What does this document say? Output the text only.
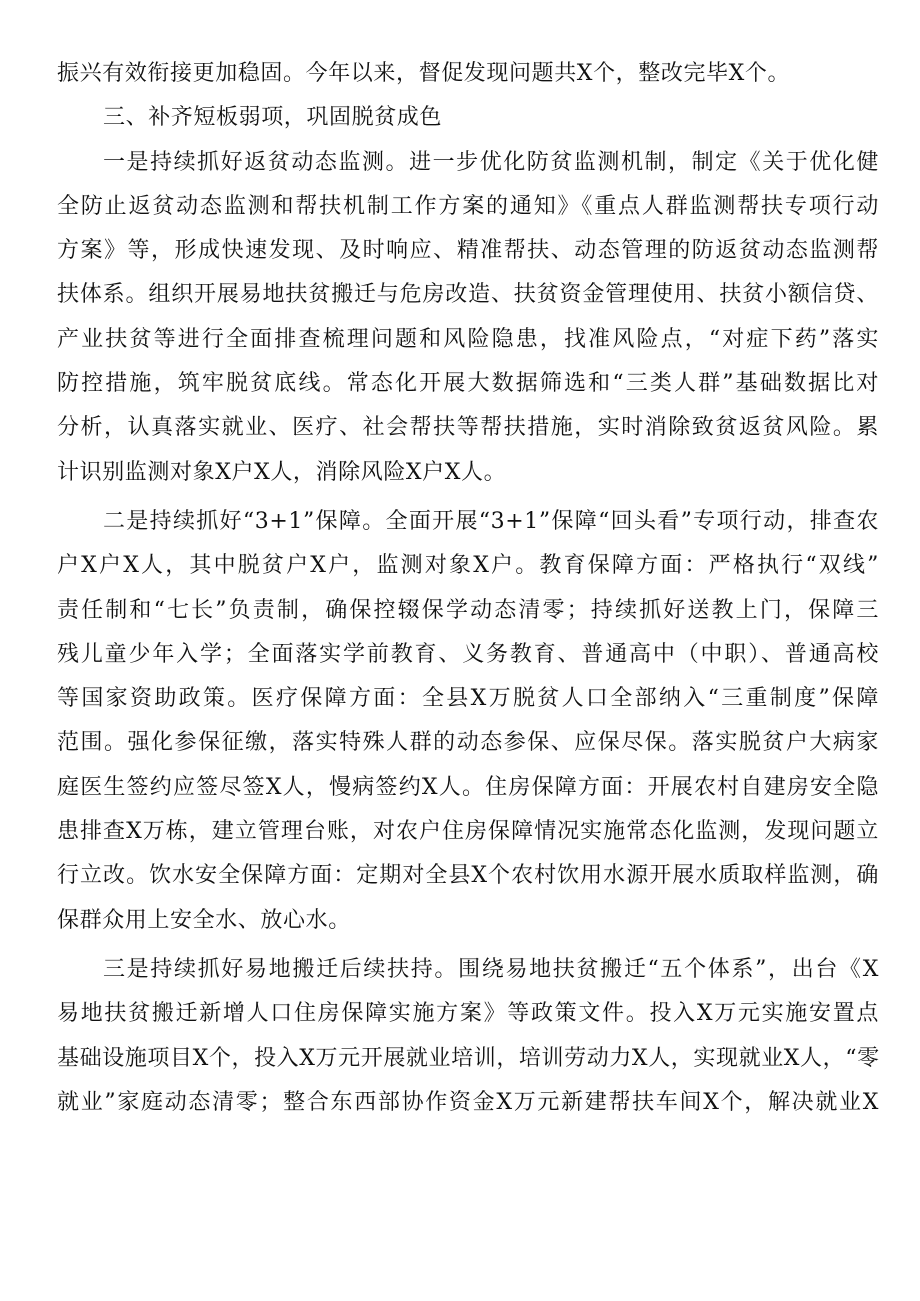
振兴有效衔接更加稳固。今年以来，督促发现问题共X个，整改完毕X个。
三、补齐短板弱项，巩固脱贫成色
一是持续抓好返贫动态监测。进一步优化防贫监测机制，制定《关于优化健
全防止返贫动态监测和帮扶机制工作方案的通知》《重点人群监测帮扶专项行动
方案》等，形成快速发现、及时响应、精准帮扶、动态管理的防返贫动态监测帮
扶体系。组织开展易地扶贫搬迁与危房改造、扶贫资金管理使用、扶贫小额信贷、
产业扶贫等进行全面排查梳理问题和风险隐患，找准风险点，“对症下药”落实
防控措施，筑牢脱贫底线。常态化开展大数据筛选和“三类人群”基础数据比对
分析，认真落实就业、医疗、社会帮扶等帮扶措施，实时消除致贫返贫风险。累
计识别监测对象X户X人，消除风险X户X人。
二是持续抓好“3+1”保障。全面开展“3+1”保障“回头看”专项行动，排查农
户X户X人，其中脱贫户X户，监测对象X户。教育保障方面：严格执行“双线”
责任制和“七长”负责制，确保控辍保学动态清零；持续抓好送教上门，保障三
残儿童少年入学；全面落实学前教育、义务教育、普通高中（中职）、普通高校
等国家资助政策。医疗保障方面：全县X万脱贫人口全部纳入“三重制度”保障
范围。强化参保征缴，落实特殊人群的动态参保、应保尽保。落实脱贫户大病家
庭医生签约应签尽签X人，慢病签约X人。住房保障方面：开展农村自建房安全隐
患排查X万栋，建立管理台账，对农户住房保障情况实施常态化监测，发现问题立
行立改。饮水安全保障方面：定期对全县X个农村饮用水源开展水质取样监测，确
保群众用上安全水、放心水。
三是持续抓好易地搬迁后续扶持。围绕易地扶贫搬迁“五个体系”，出台《X
易地扶贫搬迁新增人口住房保障实施方案》等政策文件。投入X万元实施安置点
基础设施项目X个，投入X万元开展就业培训，培训劳动力X人，实现就业X人，“零
就业”家庭动态清零；整合东西部协作资金X万元新建帮扶车间X个，解决就业X
